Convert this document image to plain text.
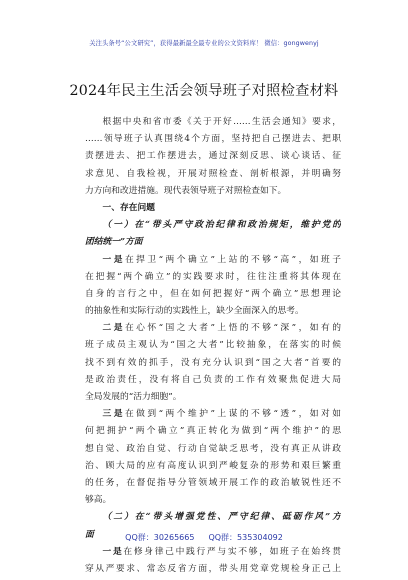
关注头条号“公文研究”，获得最新最全最专业的公文资料库！ 微信：gongwenyj
2024年民主生活会领导班子对照检查材料
根据中央和省市委《关于开好……生活会通知》要求，
……领导班子认真围绕4个方面，坚持把自己摆进去、把职
责摆进去、把工作摆进去，通过深刻反思、谈心谈话、征
求意见、自我检视，开展对照检查、剖析根源，并明确努
力方向和改进措施。现代表领导班子对照检查如下。
一、存在问题
（一）在“带头严守政治纪律和政治规矩，维护党的
团结统一”方面
一是在捍卫“两个确立”上站的不够“高”，如班子
在把握“两个确立”的实践要求时，往往注重将其体现在
自身的言行之中，但在如何把握好“两个确立”思想理论
的抽象性和实际行动的实践性上，缺少全面深入的思考。
二是在心怀“国之大者”上悟的不够“深”，如有的
班子成员主观认为“国之大者”比较抽象，在落实的时候
找不到有效的抓手，没有充分认识到“国之大者”首要的
是政治责任，没有将自己负责的工作有效聚焦促进大局
全局发展的“活力细胞”。
三是在做到“两个维护”上谋的不够“透”，如对如
何把拥护“两个确立”真正转化为做到“两个维护”的思
想自觉、政治自觉、行动自觉缺乏思考，没有真正从讲政
治、顾大局的应有高度认识到严峻复杂的形势和艰巨繁重
的任务，在督促指导分管领域开展工作的政治敏锐性还不
够高。
（二）在“带头增强党性、严守纪律、砥砺作风”方
面
一是在修身律己中践行严与实不够，如班子在始终贯
穿从严要求、常态反省方面，带头用党章党规检身正己上
QQ群：30265665 QQ群：535304092
